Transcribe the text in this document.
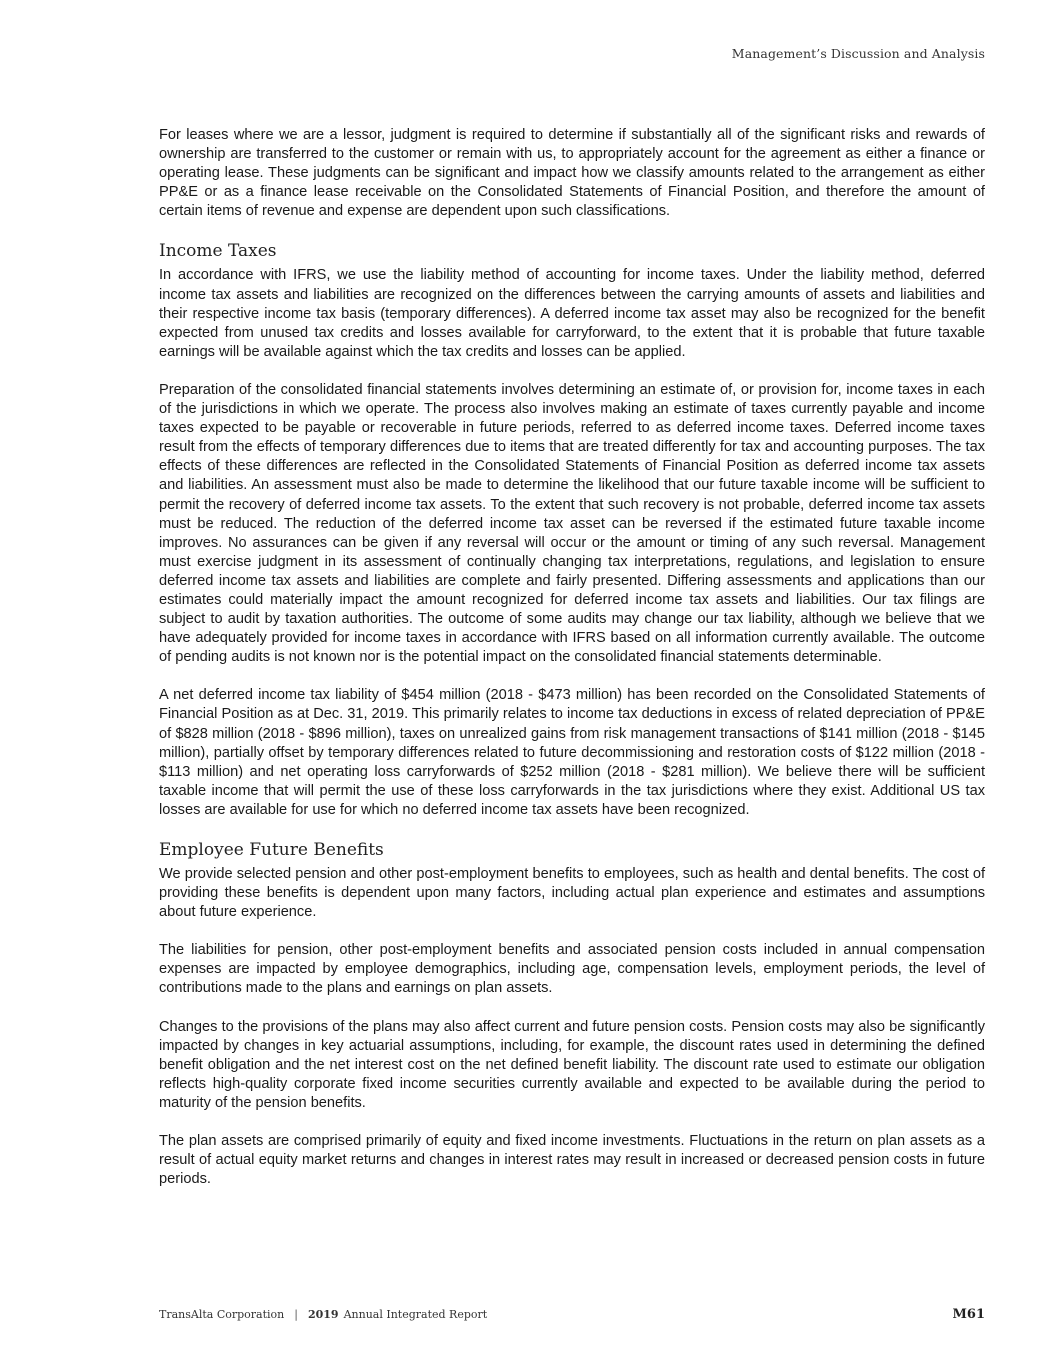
Management’s Discussion and Analysis

For leases where we are a lessor, judgment is required to determine if substantially all of the significant risks and rewards of ownership are transferred to the customer or remain with us, to appropriately account for the agreement as either a finance or operating lease. These judgments can be significant and impact how we classify amounts related to the arrangement as either PP&E or as a finance lease receivable on the Consolidated Statements of Financial Position, and therefore the amount of certain items of revenue and expense are dependent upon such classifications.

Income Taxes

In accordance with IFRS, we use the liability method of accounting for income taxes. Under the liability method, deferred income tax assets and liabilities are recognized on the differences between the carrying amounts of assets and liabilities and their respective income tax basis (temporary differences). A deferred income tax asset may also be recognized for the benefit expected from unused tax credits and losses available for carryforward, to the extent that it is probable that future taxable earnings will be available against which the tax credits and losses can be applied.

Preparation of the consolidated financial statements involves determining an estimate of, or provision for, income taxes in each of the jurisdictions in which we operate. The process also involves making an estimate of taxes currently payable and income taxes expected to be payable or recoverable in future periods, referred to as deferred income taxes. Deferred income taxes result from the effects of temporary differences due to items that are treated differently for tax and accounting purposes. The tax effects of these differences are reflected in the Consolidated Statements of Financial Position as deferred income tax assets and liabilities. An assessment must also be made to determine the likelihood that our future taxable income will be sufficient to permit the recovery of deferred income tax assets. To the extent that such recovery is not probable, deferred income tax assets must be reduced. The reduction of the deferred income tax asset can be reversed if the estimated future taxable income improves. No assurances can be given if any reversal will occur or the amount or timing of any such reversal. Management must exercise judgment in its assessment of continually changing tax interpretations, regulations, and legislation to ensure deferred income tax assets and liabilities are complete and fairly presented. Differing assessments and applications than our estimates could materially impact the amount recognized for deferred income tax assets and liabilities. Our tax filings are subject to audit by taxation authorities. The outcome of some audits may change our tax liability, although we believe that we have adequately provided for income taxes in accordance with IFRS based on all information currently available. The outcome of pending audits is not known nor is the potential impact on the consolidated financial statements determinable.

A net deferred income tax liability of $454 million (2018 - $473 million) has been recorded on the Consolidated Statements of Financial Position as at Dec. 31, 2019. This primarily relates to income tax deductions in excess of related depreciation of PP&E of $828 million (2018 - $896 million), taxes on unrealized gains from risk management transactions of $141 million (2018 - $145 million), partially offset by temporary differences related to future decommissioning and restoration costs of $122 million (2018 - $113 million) and net operating loss carryforwards of $252 million (2018 - $281 million). We believe there will be sufficient taxable income that will permit the use of these loss carryforwards in the tax jurisdictions where they exist. Additional US tax losses are available for use for which no deferred income tax assets have been recognized.

Employee Future Benefits

We provide selected pension and other post-employment benefits to employees, such as health and dental benefits. The cost of providing these benefits is dependent upon many factors, including actual plan experience and estimates and assumptions about future experience.

The liabilities for pension, other post-employment benefits and associated pension costs included in annual compensation expenses are impacted by employee demographics, including age, compensation levels, employment periods, the level of contributions made to the plans and earnings on plan assets.

Changes to the provisions of the plans may also affect current and future pension costs. Pension costs may also be significantly impacted by changes in key actuarial assumptions, including, for example, the discount rates used in determining the defined benefit obligation and the net interest cost on the net defined benefit liability. The discount rate used to estimate our obligation reflects high-quality corporate fixed income securities currently available and expected to be available during the period to maturity of the pension benefits.

The plan assets are comprised primarily of equity and fixed income investments. Fluctuations in the return on plan assets as a result of actual equity market returns and changes in interest rates may result in increased or decreased pension costs in future periods.

TransAlta Corporation | 2019 Annual Integrated Report	M61
